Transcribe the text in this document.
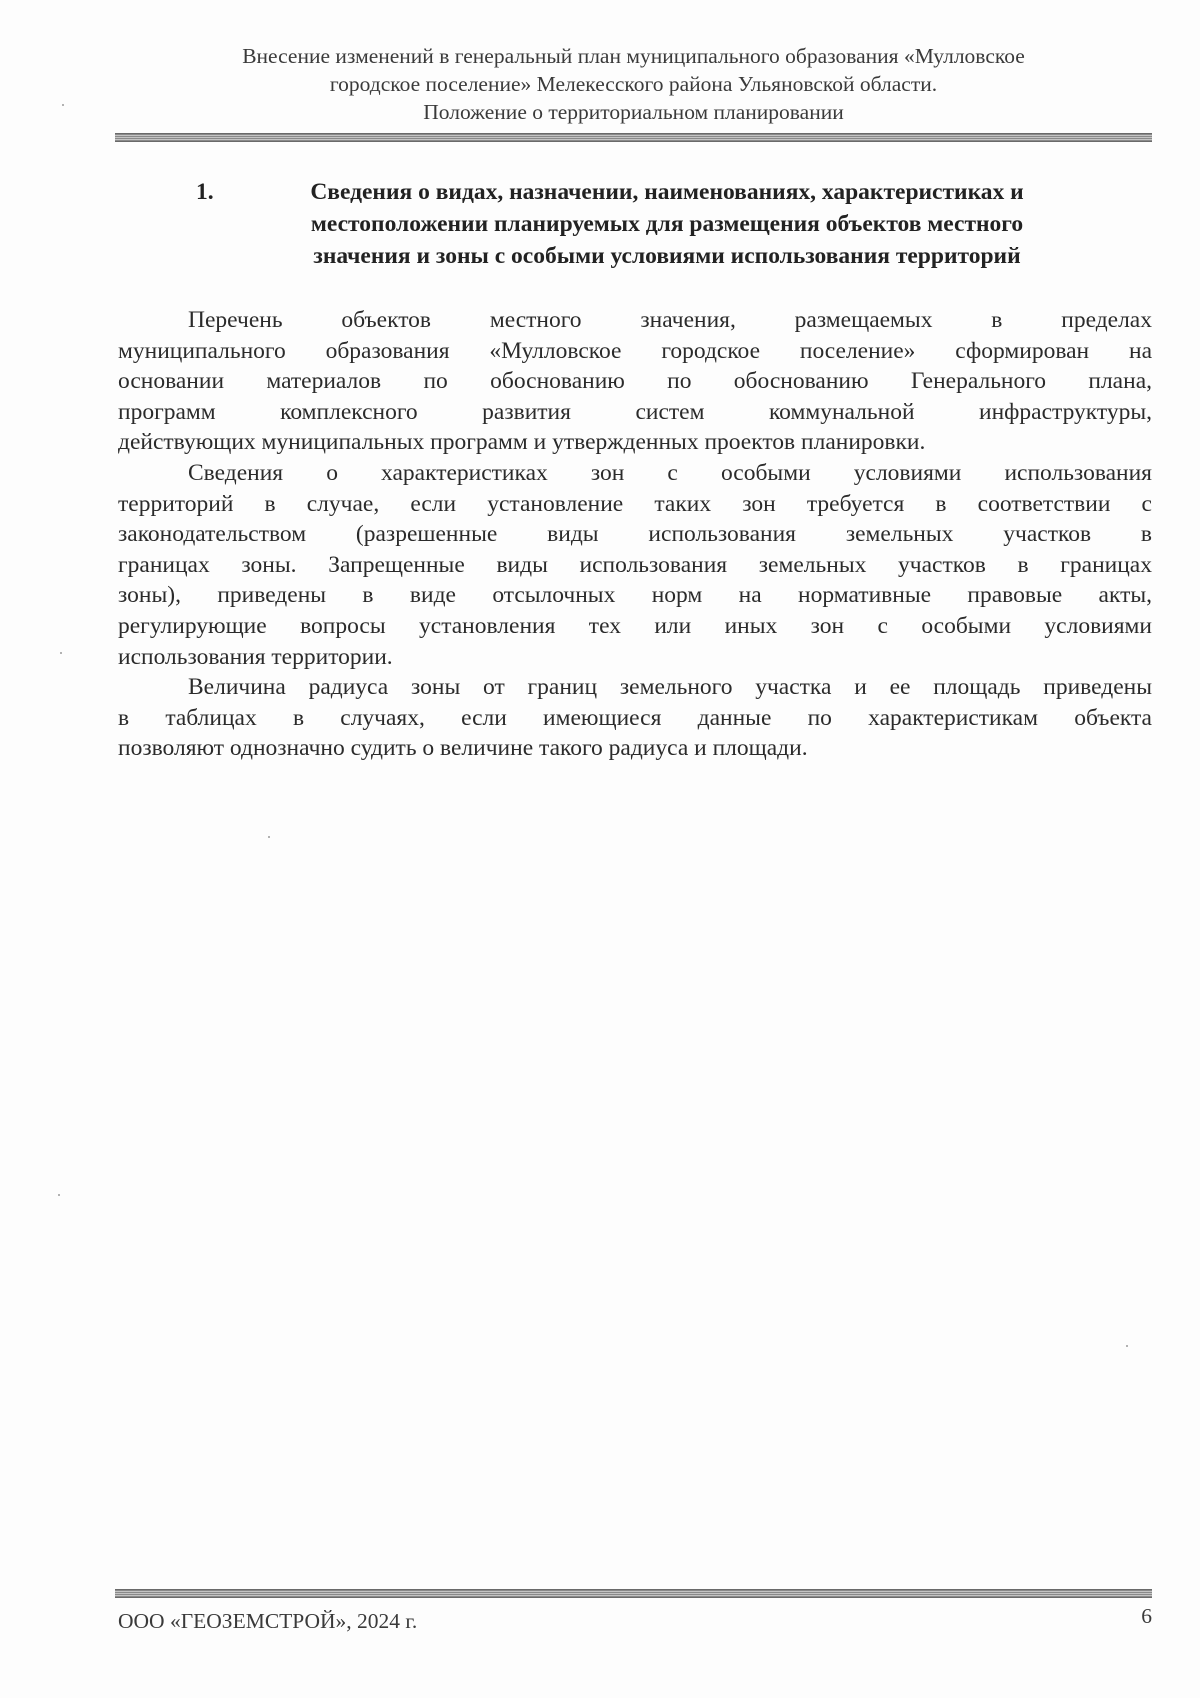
Внесение изменений в генеральный план муниципального образования «Мулловское
городское поселение» Мелекесского района Ульяновской области.
Положение о территориальном планировании
1.	Сведения о видах, назначении, наименованиях, характеристиках и
местоположении планируемых для размещения объектов местного
значения и зоны с особыми условиями использования территорий
Перечень объектов местного значения, размещаемых в пределах
муниципального образования «Мулловское городское поселение» сформирован на
основании материалов по обоснованию по обоснованию Генерального плана,
программ комплексного развития систем коммунальной инфраструктуры,
действующих муниципальных программ и утвержденных проектов планировки.
Сведения о характеристиках зон с особыми условиями использования
территорий в случае, если установление таких зон требуется в соответствии с
законодательством (разрешенные виды использования земельных участков в
границах зоны. Запрещенные виды использования земельных участков в границах
зоны), приведены в виде отсылочных норм на нормативные правовые акты,
регулирующие вопросы установления тех или иных зон с особыми условиями
использования территории.
Величина радиуса зоны от границ земельного участка и ее площадь приведены
в таблицах в случаях, если имеющиеся данные по характеристикам объекта
позволяют однозначно судить о величине такого радиуса и площади.
ООО «ГЕОЗЕМСТРОЙ», 2024 г.	6
